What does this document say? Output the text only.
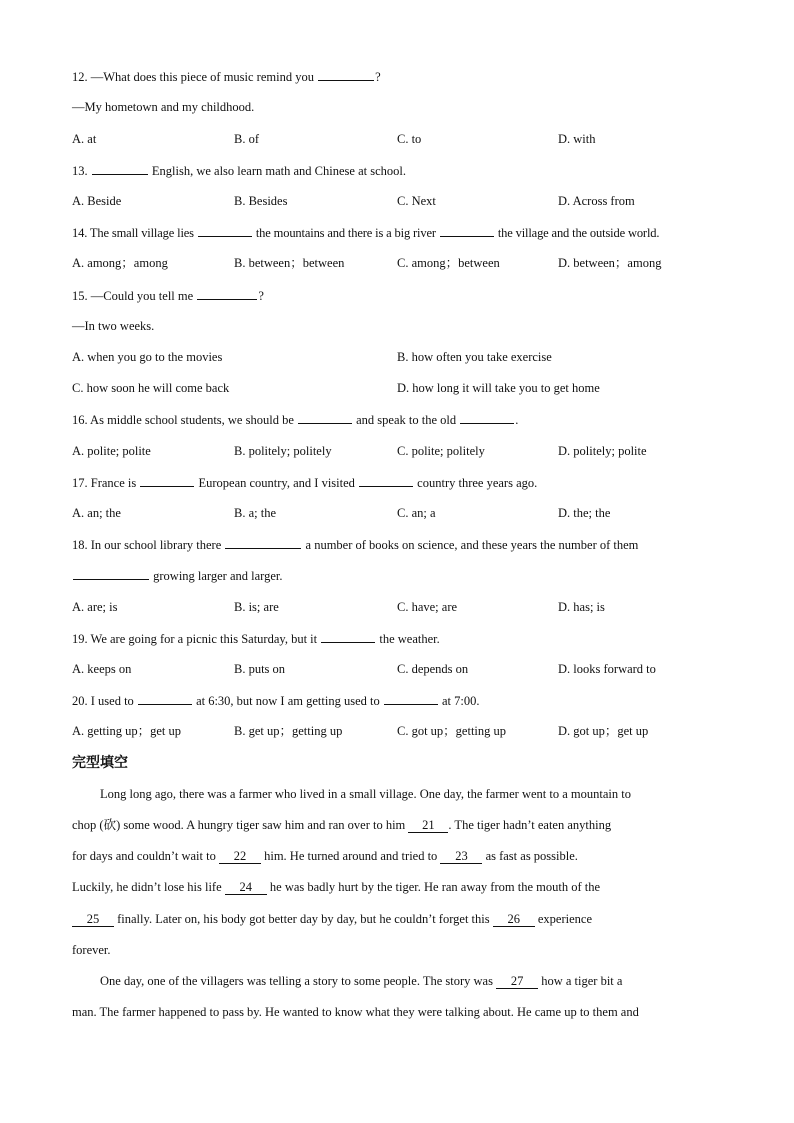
12. —What does this piece of music remind you	?
—My hometown and my childhood.
A. at	B. of	C. to	D. with
13.	English, we also learn math and Chinese at school.
A. Beside	B. Besides	C. Next	D. Across from
14. The small village lies	the mountains and there is a big river	the village and the outside world.
A. among；among	B. between；between	C. among；between	D. between；among
15. —Could you tell me	?
—In two weeks.
A. when you go to the movies	B. how often you take exercise
C. how soon he will come back	D. how long it will take you to get home
16. As middle school students, we should be	and speak to the old	.
A. polite; polite	B. politely; politely	C. polite; politely	D. politely; polite
17. France is	European country, and I visited	country three years ago.
A. an; the	B. a; the	C. an; a	D. the; the
18. In our school library there	a number of books on science, and these years the number of them
growing larger and larger.
A. are; is	B. is; are	C. have; are	D. has; is
19. We are going for a picnic this Saturday, but it	the weather.
A. keeps on	B. puts on	C. depends on	D. looks forward to
20. I used to	at 6:30, but now I am getting used to	at 7:00.
A. getting up；get up	B. get up；getting up	C. got up；getting up	D. got up；get up
完型填空
Long long ago, there was a farmer who lived in a small village. One day, the farmer went to a mountain to
chop (砍) some wood. A hungry tiger saw him and ran over to him 21 . The tiger hadn’t eaten anything
for days and couldn’t wait to 22 him. He turned around and tried to 23 as fast as possible.
Luckily, he didn’t lose his life 24 he was badly hurt by the tiger. He ran away from the mouth of the
25 finally. Later on, his body got better day by day, but he couldn’t forget this 26 experience
forever.
One day, one of the villagers was telling a story to some people. The story was 27 how a tiger bit a
man. The farmer happened to pass by. He wanted to know what they were talking about. He came up to them and
